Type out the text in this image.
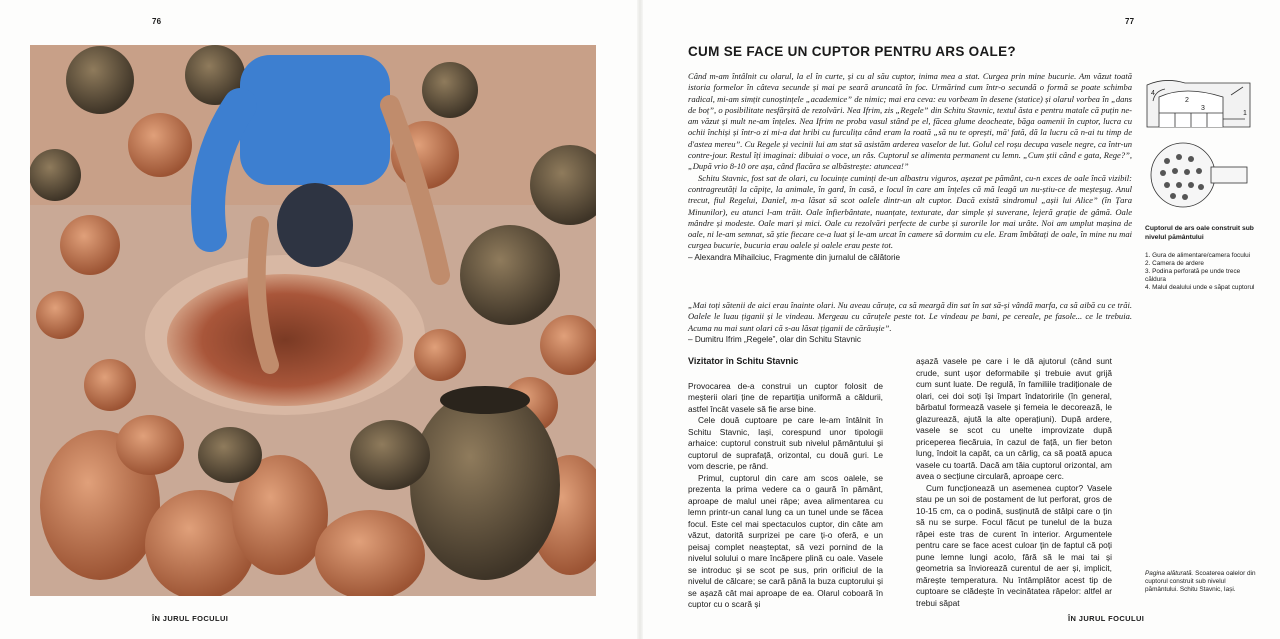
76
ÎN JURUL FOCULUI
77
CUM SE FACE UN CUPTOR PENTRU ARS OALE?

Când m-am întâlnit cu olarul, la el în curte, și cu al său cuptor, inima mea a stat. Curgea prin mine bucurie. Am văzut toată istoria formelor în câteva secunde și mai pe seară aruncată în foc. Urmărind cum într-o secundă o formă se poate schimba radical, mi-am simțit cunoștințele „academice” de nimic; mai era ceva: eu vorbeam în desene (statice) și olarul vorbea în „dans de boț”, o posibilitate nesfârșită de rezolvări. Nea Ifrim, zis „Regele” din Schitu Stavnic, textul ăsta e pentru matale că puțin ne-am văzut și mult ne-am înțeles. Nea Ifrim ne proba vasul stând pe el, făcea glume deocheate, băga oamenii în cuptor, lucra cu ochii închiși și într-o zi mi-a dat hribi cu furculița când eram la roată „să nu te oprești, mă' fată, dă la lucru că n-ai tu timp de d'astea mereu”. Cu Regele și vecinii lui am stat să asistăm arderea vaselor de lut. Golul cel roșu decupa vasele negre, ca într-un contre-jour. Restul îți imaginai: dibuiai o voce, un râs. Cuptorul se alimenta permanent cu lemn. „Cum știi când e gata, Rege?”, „După vrio 8-10 ore așa, când flacăra se albăstrește: atuncea!”

Schitu Stavnic, fost sat de olari, cu locuințe cuminți de-un albastru viguros, așezat pe pământ, cu-n exces de oale încă vizibil: contragreutăți la căpițe, la animale, în gard, în casă, e locul în care am înțeles că mă leagă un nu-știu-ce de meșteșug. Anul trecut, fiul Regelui, Daniel, m-a lăsat să scot oalele dintr-un alt cuptor. Dacă există sindromul „așii lui Alice” (în Țara Minunilor), eu atunci l-am trăit. Oale înfierbântate, nuanțate, texturate, dar simple și suverane, lejeră grație de gâmă. Oale mândre și modeste. Oale mari și mici. Oale cu rezolvări perfecte de curbe și surorile lor mai urâte. Noi am umplut mașina de oale, ni le-am semnat, să știe fiecare ce-a luat și le-am urcat în camere să dormim cu ele. Eram îmbătați de oale, în mine nu mai curgea bucurie, bucuria erau oalele și oalele erau peste tot.

– Alexandra Mihailciuc, Fragmente din jurnalul de călătorie

„Mai toți sătenii de aici erau înainte olari. Nu aveau căruțe, ca să meargă din sat în sat să-și vândă marfa, ca să aibă cu ce trăi. Oalele le luau țiganii și le vindeau. Mergeau cu căruțele peste tot. Le vindeau pe bani, pe cereale, pe fasole... ce le trebuia. Acuma nu mai sunt olari că s-au lăsat țiganii de cărăușie”.

– Dumitru Ifrim „Regele”, olar din Schitu Stavnic

Vizitator în Schitu Stavnic

Provocarea de-a construi un cuptor folosit de meșterii olari ține de repartiția uniformă a căldurii, astfel încât vasele să fie arse bine.

Cele două cuptoare pe care le-am întâlnit în Schitu Stavnic, Iași, corespund unor tipologii arhaice: cuptorul construit sub nivelul pământului și cuptorul de suprafață, orizontal, cu două guri. Le vom descrie, pe rând.

Primul, cuptorul din care am scos oalele, se prezenta la prima vedere ca o gaură în pământ, aproape de malul unei râpe; avea alimentarea cu lemn printr-un canal lung ca un tunel unde se făcea focul. Este cel mai spectaculos cuptor, din câte am văzut, datorită surprizei pe care ți-o oferă, e un peisaj complet neașteptat, să vezi pornind de la nivelul solului o mare încăpere plină cu oale. Vasele se introduc și se scot pe sus, prin orificiul de la nivelul de călcare; se cară până la buza cuptorului și se așază cât mai aproape de ea. Olarul coboară în cuptor cu o scară și

așază vasele pe care i le dă ajutorul (când sunt crude, sunt ușor deformabile și trebuie avut grijă cum sunt luate. De regulă, în familiile tradiționale de olari, cei doi soți își împart îndatoririle (în general, bărbatul formează vasele și femeia le decorează, le glazurează, ajută la alte operațiuni). După ardere, vasele se scot cu unelte improvizate după priceperea fiecăruia, în cazul de față, un fier beton lung, îndoit la capăt, ca un cârlig, ca să poată apuca vasele cu toartă. Dacă am tăia cuptorul orizontal, am avea o secțiune circulară, aproape cerc.

Cum funcționează un asemenea cuptor? Vasele stau pe un soi de postament de lut perforat, gros de 10-15 cm, ca o podină, susținută de stâlpi care o țin să nu se surpe. Focul făcut pe tunelul de la buza râpei este tras de curent în interior. Argumentele pentru care se face acest culoar țin de faptul că poți pune lemne lungi acolo, fără să le mai tai și geometria sa înviorează curentul de aer și, implicit, mărește temperatura. Nu întâmplător acest tip de cuptoare se clădește în vecinătatea râpelor: altfel ar trebui săpat

4
2
3
1
Cuptorul de ars oale construit sub nivelul pământului
1. Gura de alimentare/camera focului
2. Camera de ardere
3. Podina perforată pe unde trece căldura
4. Malul dealului unde e săpat cuptorul
Pagina alăturată. Scoaterea oalelor din cuptorul construit sub nivelul pământului. Schitu Stavnic, Iași.
ÎN JURUL FOCULUI
